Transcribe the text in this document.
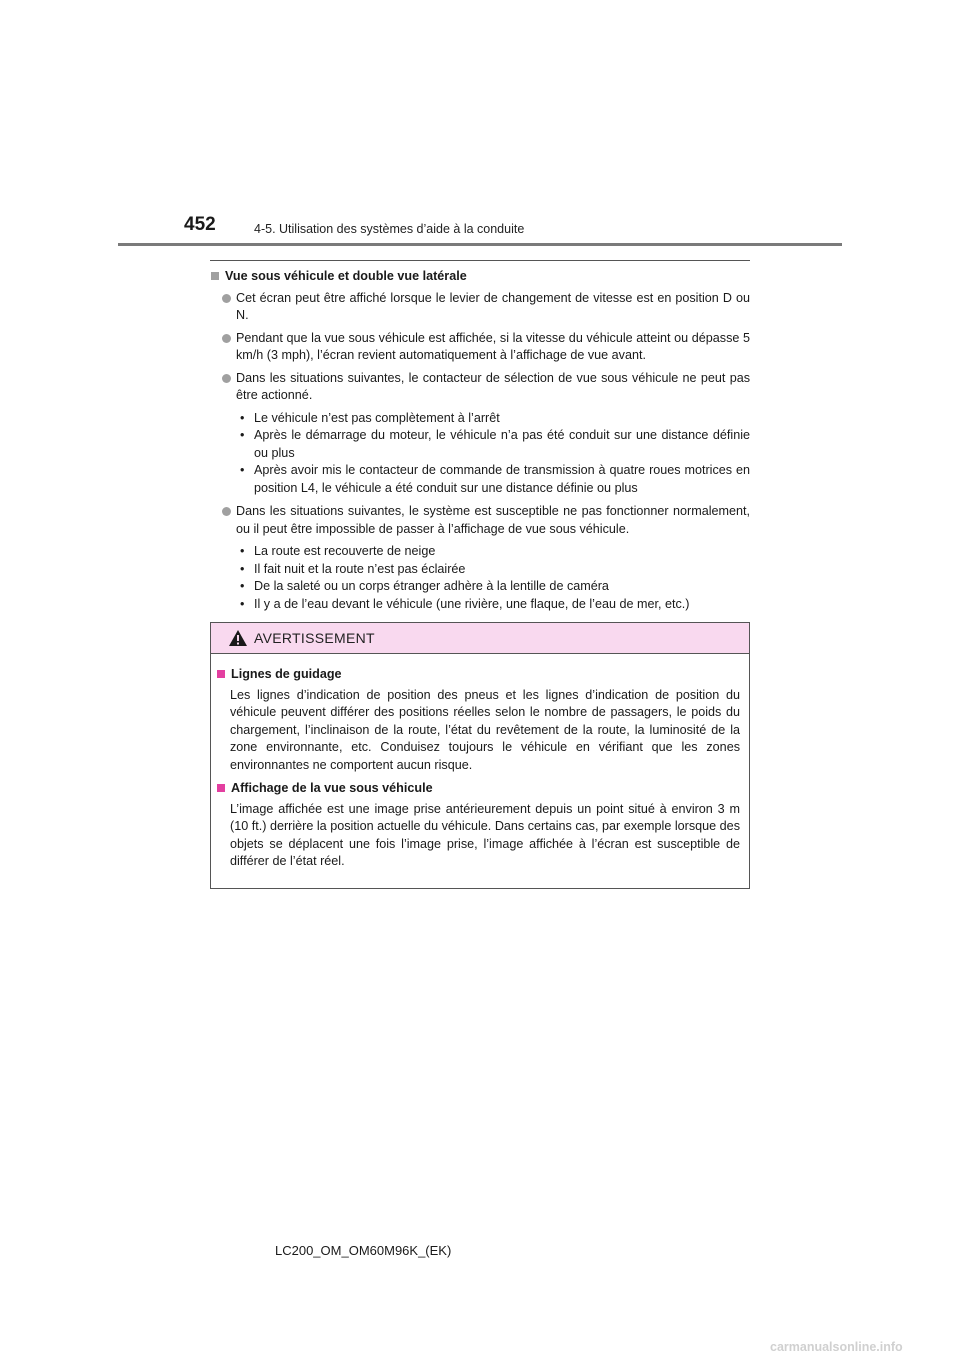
452	4-5. Utilisation des systèmes d’aide à la conduite
Vue sous véhicule et double vue latérale
Cet écran peut être affiché lorsque le levier de changement de vitesse est en position D ou N.
Pendant que la vue sous véhicule est affichée, si la vitesse du véhicule atteint ou dépasse 5 km/h (3 mph), l’écran revient automatiquement à l’affichage de vue avant.
Dans les situations suivantes, le contacteur de sélection de vue sous véhicule ne peut pas être actionné.
• Le véhicule n’est pas complètement à l’arrêt
• Après le démarrage du moteur, le véhicule n’a pas été conduit sur une distance définie ou plus
• Après avoir mis le contacteur de commande de transmission à quatre roues motrices en position L4, le véhicule a été conduit sur une distance définie ou plus
Dans les situations suivantes, le système est susceptible ne pas fonctionner normalement, ou il peut être impossible de passer à l’affichage de vue sous véhicule.
• La route est recouverte de neige
• Il fait nuit et la route n’est pas éclairée
• De la saleté ou un corps étranger adhère à la lentille de caméra
• Il y a de l’eau devant le véhicule (une rivière, une flaque, de l’eau de mer, etc.)
AVERTISSEMENT
Lignes de guidage
Les lignes d’indication de position des pneus et les lignes d’indication de position du véhicule peuvent différer des positions réelles selon le nombre de passagers, le poids du chargement, l’inclinaison de la route, l’état du revêtement de la route, la luminosité de la zone environnante, etc. Conduisez toujours le véhicule en vérifiant que les zones environnantes ne comportent aucun risque.
Affichage de la vue sous véhicule
L’image affichée est une image prise antérieurement depuis un point situé à environ 3 m (10 ft.) derrière la position actuelle du véhicule. Dans certains cas, par exemple lorsque des objets se déplacent une fois l’image prise, l’image affichée à l’écran est susceptible de différer de l’état réel.
LC200_OM_OM60M96K_(EK)
carmanualsonline.info
